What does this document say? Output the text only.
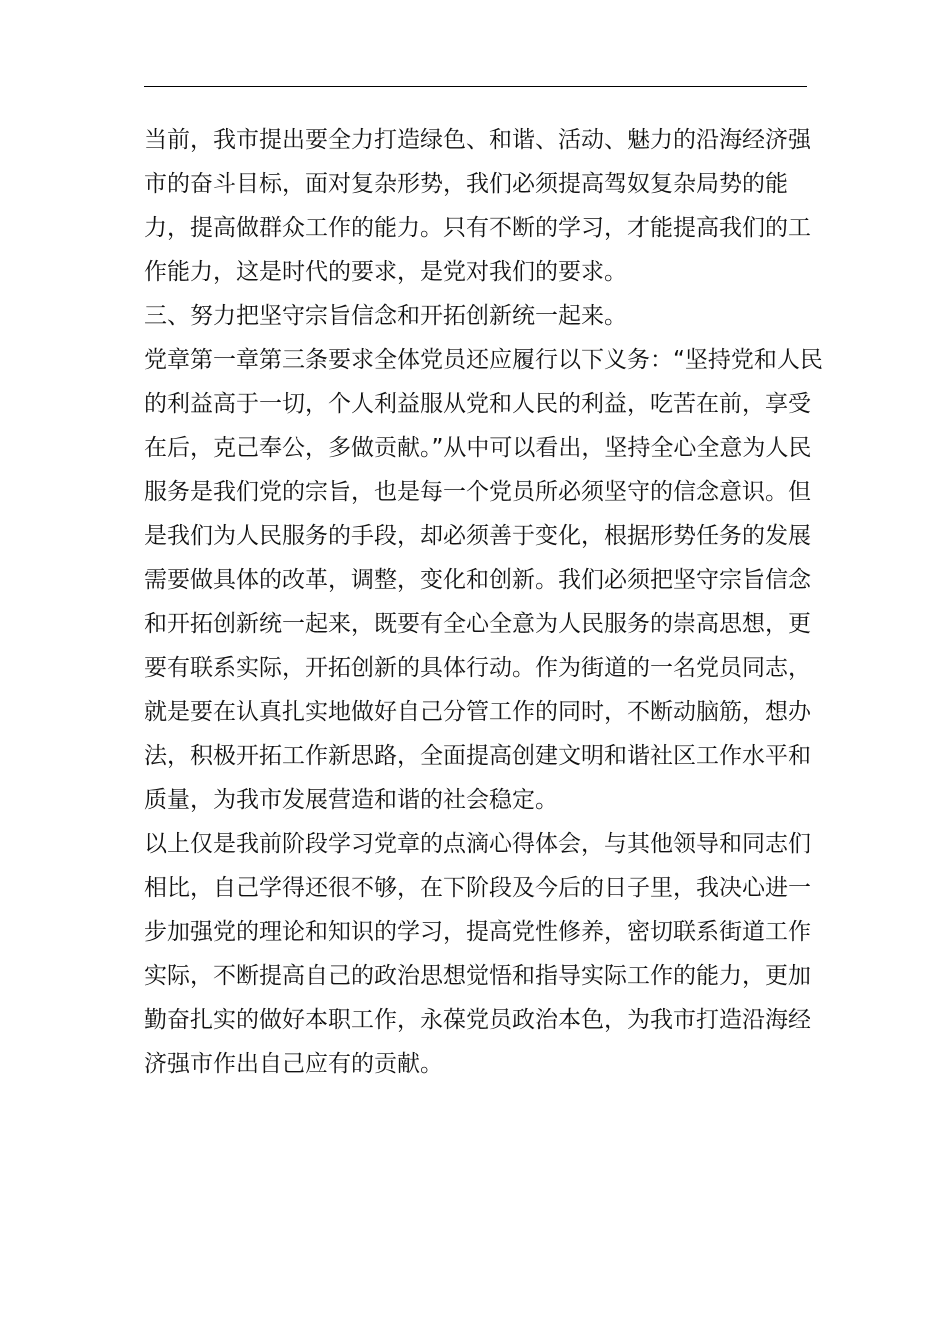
当前，我市提出要全力打造绿色、和谐、活动、魅力的沿海经济强市的奋斗目标，面对复杂形势，我们必须提高驾奴复杂局势的能力，提高做群众工作的能力。只有不断的学习，才能提高我们的工作能力，这是时代的要求，是党对我们的要求。

三、努力把坚守宗旨信念和开拓创新统一起来。

党章第一章第三条要求全体党员还应履行以下义务：“坚持党和人民的利益高于一切，个人利益服从党和人民的利益，吃苦在前，享受在后，克己奉公，多做贡献。”从中可以看出，坚持全心全意为人民服务是我们党的宗旨，也是每一个党员所必须坚守的信念意识。但是我们为人民服务的手段，却必须善于变化，根据形势任务的发展需要做具体的改革，调整，变化和创新。我们必须把坚守宗旨信念和开拓创新统一起来，既要有全心全意为人民服务的崇高思想，更要有联系实际，开拓创新的具体行动。作为街道的一名党员同志，就是要在认真扎实地做好自己分管工作的同时，不断动脑筋，想办法，积极开拓工作新思路，全面提高创建文明和谐社区工作水平和质量，为我市发展营造和谐的社会稳定。

以上仅是我前阶段学习党章的点滴心得体会，与其他领导和同志们相比，自己学得还很不够，在下阶段及今后的日子里，我决心进一步加强党的理论和知识的学习，提高党性修养，密切联系街道工作实际，不断提高自己的政治思想觉悟和指导实际工作的能力，更加勤奋扎实的做好本职工作，永葆党员政治本色，为我市打造沿海经济强市作出自己应有的贡献。
